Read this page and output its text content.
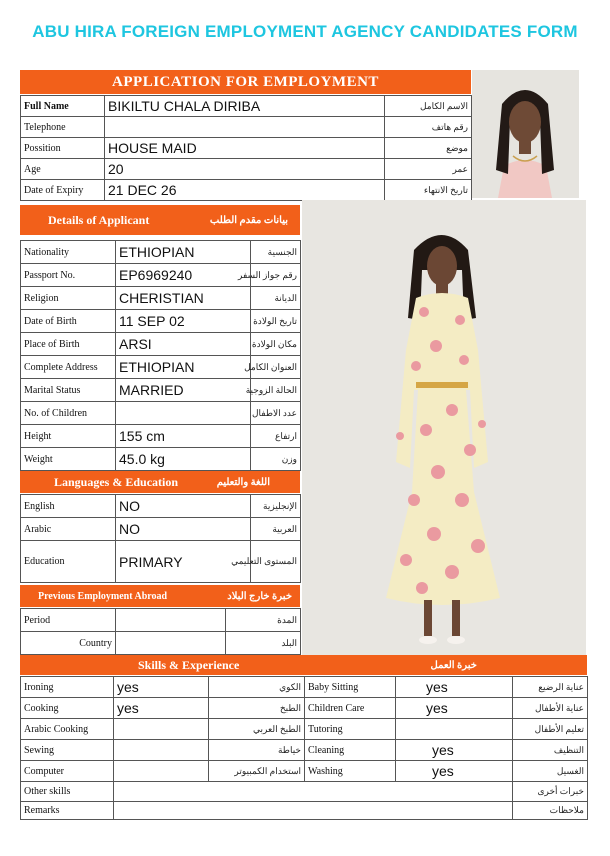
ABU HIRA FOREIGN EMPLOYMENT AGENCY CANDIDATES FORM
APPLICATION FOR EMPLOYMENT
Full Name	BIKILTU CHALA DIRIBA	الاسم الكامل
Telephone		رقم هاتف
Possition	HOUSE MAID	موضع
Age	20	عمر
Date of Expiry	21 DEC 26	تاريخ الانتهاء
Details of Applicant	بيانات مقدم الطلب
Nationality	ETHIOPIAN	الجنسية
Passport No.	EP6969240	رقم جواز السفر
Religion	CHERISTIAN	الديانة
Date of Birth	11 SEP 02	تاريخ الولادة
Place of Birth	ARSI	مكان الولادة
Complete Address	ETHIOPIAN	العنوان الكامل
Marital Status	MARRIED	الحالة الزوجية
No. of Children		عدد الاطفال
Height	155 cm	ارتفاع
Weight	45.0 kg	وزن
Languages & Education	اللغة والتعليم
English	NO	الإنجليزية
Arabic	NO	العربية
Education	PRIMARY	المستوى التعليمي
Previous Employment Abroad	خبرة خارج البلاد
Period		المدة
Country		البلد
Skills & Experience	خبرة العمل
Ironing	yes	الكوي	Baby Sitting	yes	عناية الرضيع
Cooking	yes	الطبخ	Children Care	yes	عناية الأطفال
Arabic Cooking		الطبخ العربي	Tutoring		تعليم الأطفال
Sewing		خياطة	Cleaning	yes	التنظيف
Computer		استخدام الكمبيوتر	Washing	yes	الغسيل
Other skills					خبرات أخرى
Remarks					ملاحظات
